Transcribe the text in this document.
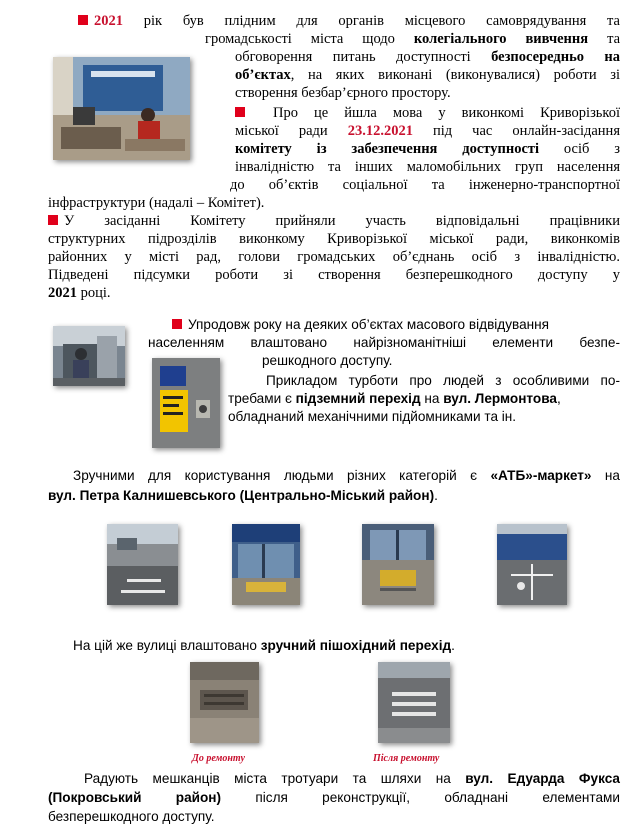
2021 рік був плідним для органів місцевого самоврядування та
громадськості міста щодо колегіального вивчення та
обговорення питань доступності безпосередньо на
об’єктах, на яких виконані (виконувалися) роботи зі
створення безбар’єрного простору.
Про це йшла мова у виконкомі Криворізької
міської ради 23.12.2021 під час онлайн-засідання
комітету із забезпечення доступності осіб з
інвалідністю та інших маломобільних груп населення
до об’єктів соціальної та інженерно-транспортної
інфраструктури (надалі – Комітет).
У засіданні Комітету прийняли участь відповідальні працівники
структурних підрозділів виконкому Криворізької міської ради, виконкомів
районних у місті рад, голови громадських об’єднань осіб з інвалідністю.
Підведені підсумки роботи зі створення безперешкодного доступу у
2021 році.
Упродовж року на деяких об’єктах масового відвідування
населенням влаштовано найрізноманітніші елементи безпе-
решкодного доступу.
Прикладом турботи про людей з особливими по-
требами є підземний перехід на вул. Лермонтова,
обладнаний механічними підйомниками та ін.
Зручними для користування людьми різних категорій є «АТБ»-маркет» на
вул. Петра Калнишевського (Центрально-Міський район).
На цій же вулиці влаштовано зручний пішохідний перехід.
До ремонту	Після ремонту
Радують мешканців міста тротуари та шляхи на вул. Едуарда Фукса
(Покровський район) після реконструкції, обладнані елементами
безперешкодного доступу.
